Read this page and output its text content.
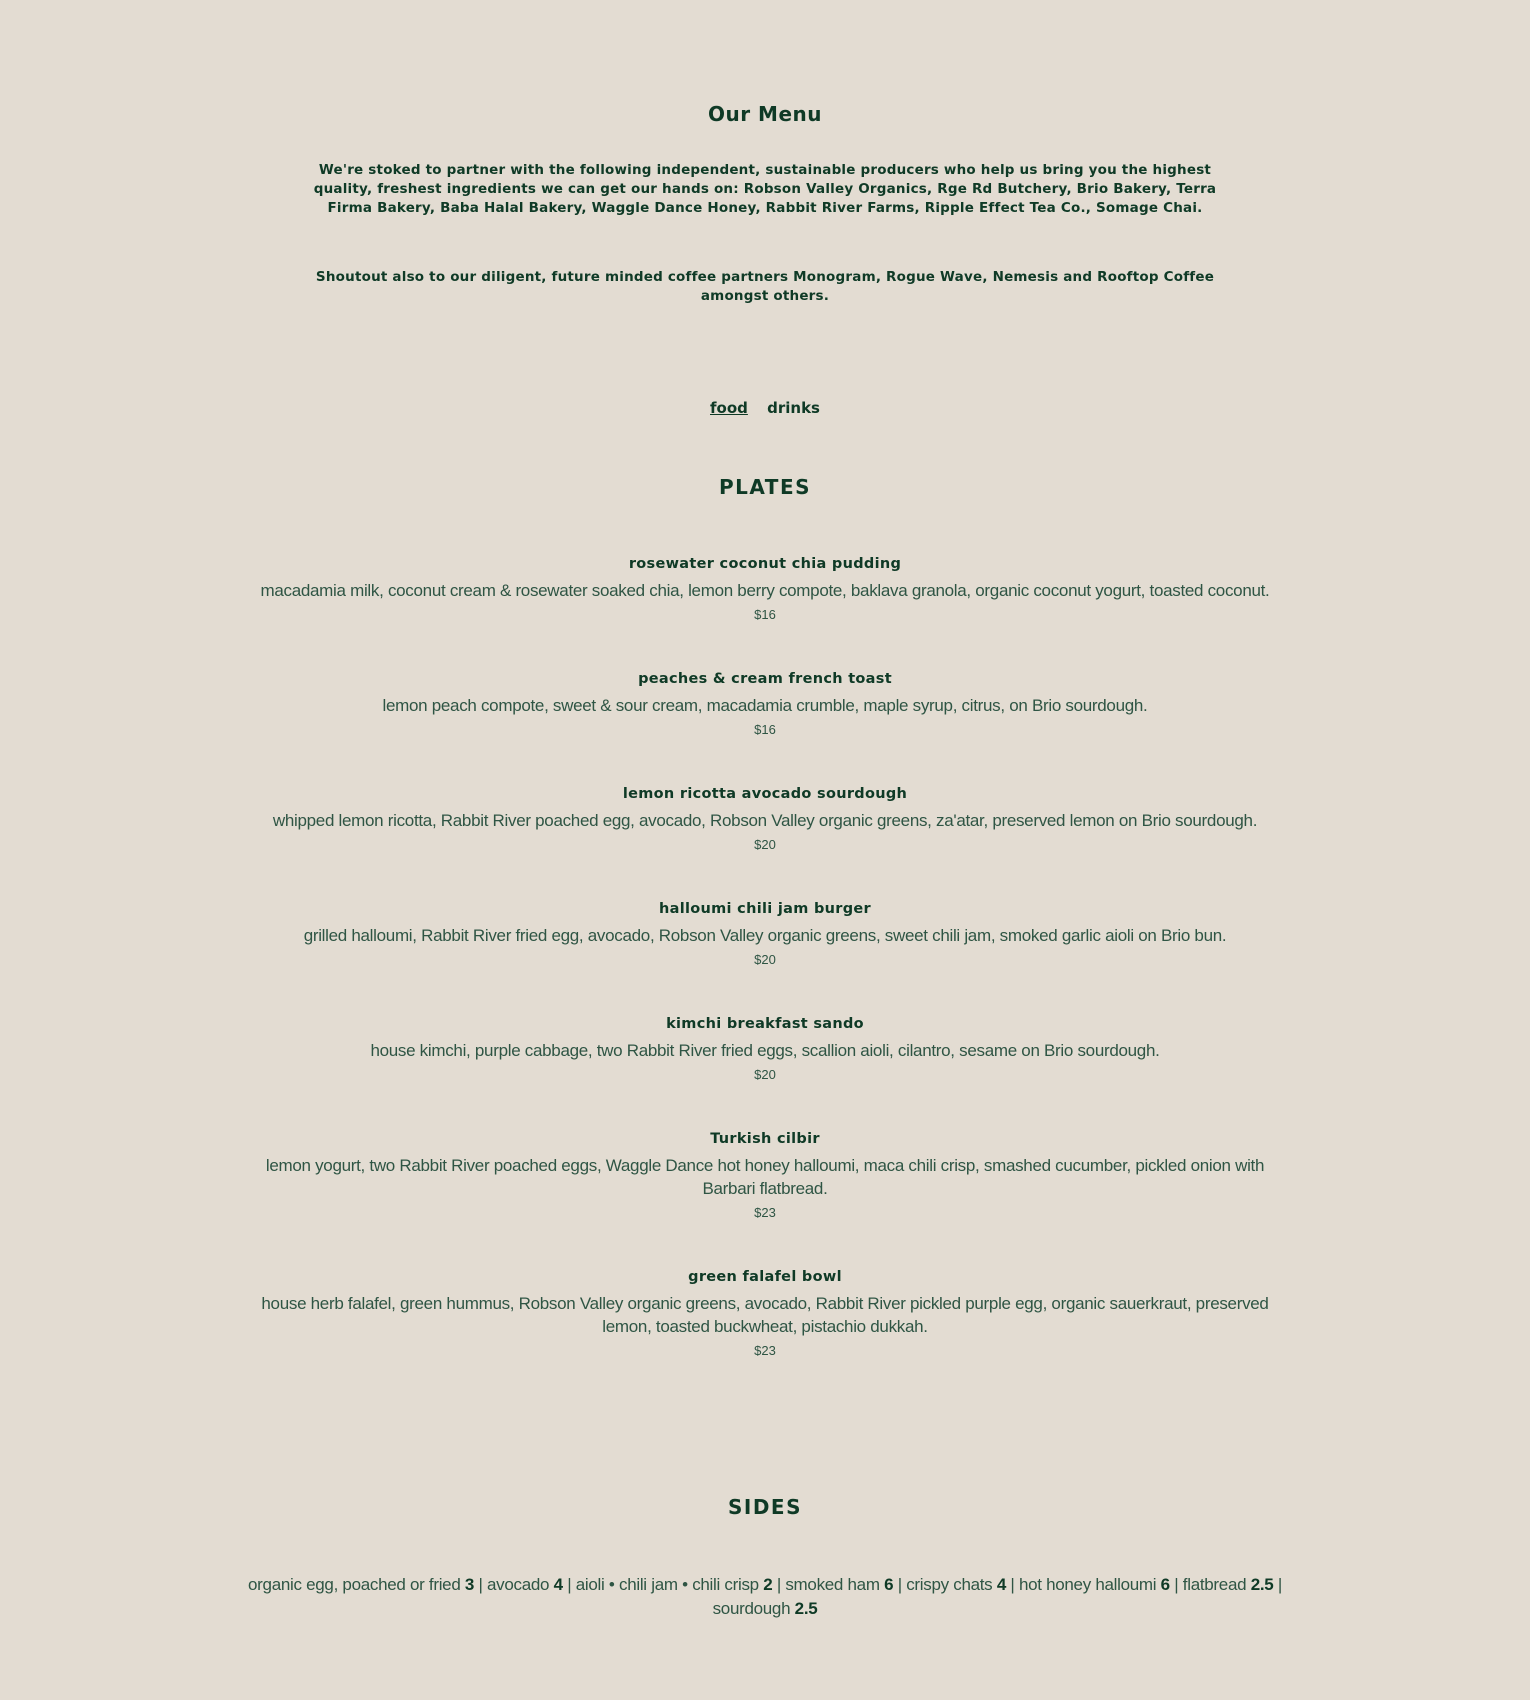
Our Menu
We're stoked to partner with the following independent, sustainable producers who help us bring you the highest quality, freshest ingredients we can get our hands on: Robson Valley Organics, Rge Rd Butchery, Brio Bakery, Terra Firma Bakery, Baba Halal Bakery, Waggle Dance Honey, Rabbit River Farms, Ripple Effect Tea Co., Somage Chai.
Shoutout also to our diligent, future minded coffee partners Monogram, Rogue Wave, Nemesis and Rooftop Coffee amongst others.
food drinks
PLATES
rosewater coconut chia pudding
macadamia milk, coconut cream & rosewater soaked chia, lemon berry compote, baklava granola, organic coconut yogurt, toasted coconut.
$16
peaches & cream french toast
lemon peach compote, sweet & sour cream, macadamia crumble, maple syrup, citrus, on Brio sourdough.
$16
lemon ricotta avocado sourdough
whipped lemon ricotta, Rabbit River poached egg, avocado, Robson Valley organic greens, za'atar, preserved lemon on Brio sourdough.
$20
halloumi chili jam burger
grilled halloumi, Rabbit River fried egg, avocado, Robson Valley organic greens, sweet chili jam, smoked garlic aioli on Brio bun.
$20
kimchi breakfast sando
house kimchi, purple cabbage, two Rabbit River fried eggs, scallion aioli, cilantro, sesame on Brio sourdough.
$20
Turkish cilbir
lemon yogurt, two Rabbit River poached eggs, Waggle Dance hot honey halloumi, maca chili crisp, smashed cucumber, pickled onion with Barbari flatbread.
$23
green falafel bowl
house herb falafel, green hummus, Robson Valley organic greens, avocado, Rabbit River pickled purple egg, organic sauerkraut, preserved lemon, toasted buckwheat, pistachio dukkah.
$23
SIDES
organic egg, poached or fried 3 | avocado 4 | aioli • chili jam • chili crisp 2 | smoked ham 6 | crispy chats 4 | hot honey halloumi 6 | flatbread 2.5 | sourdough 2.5
